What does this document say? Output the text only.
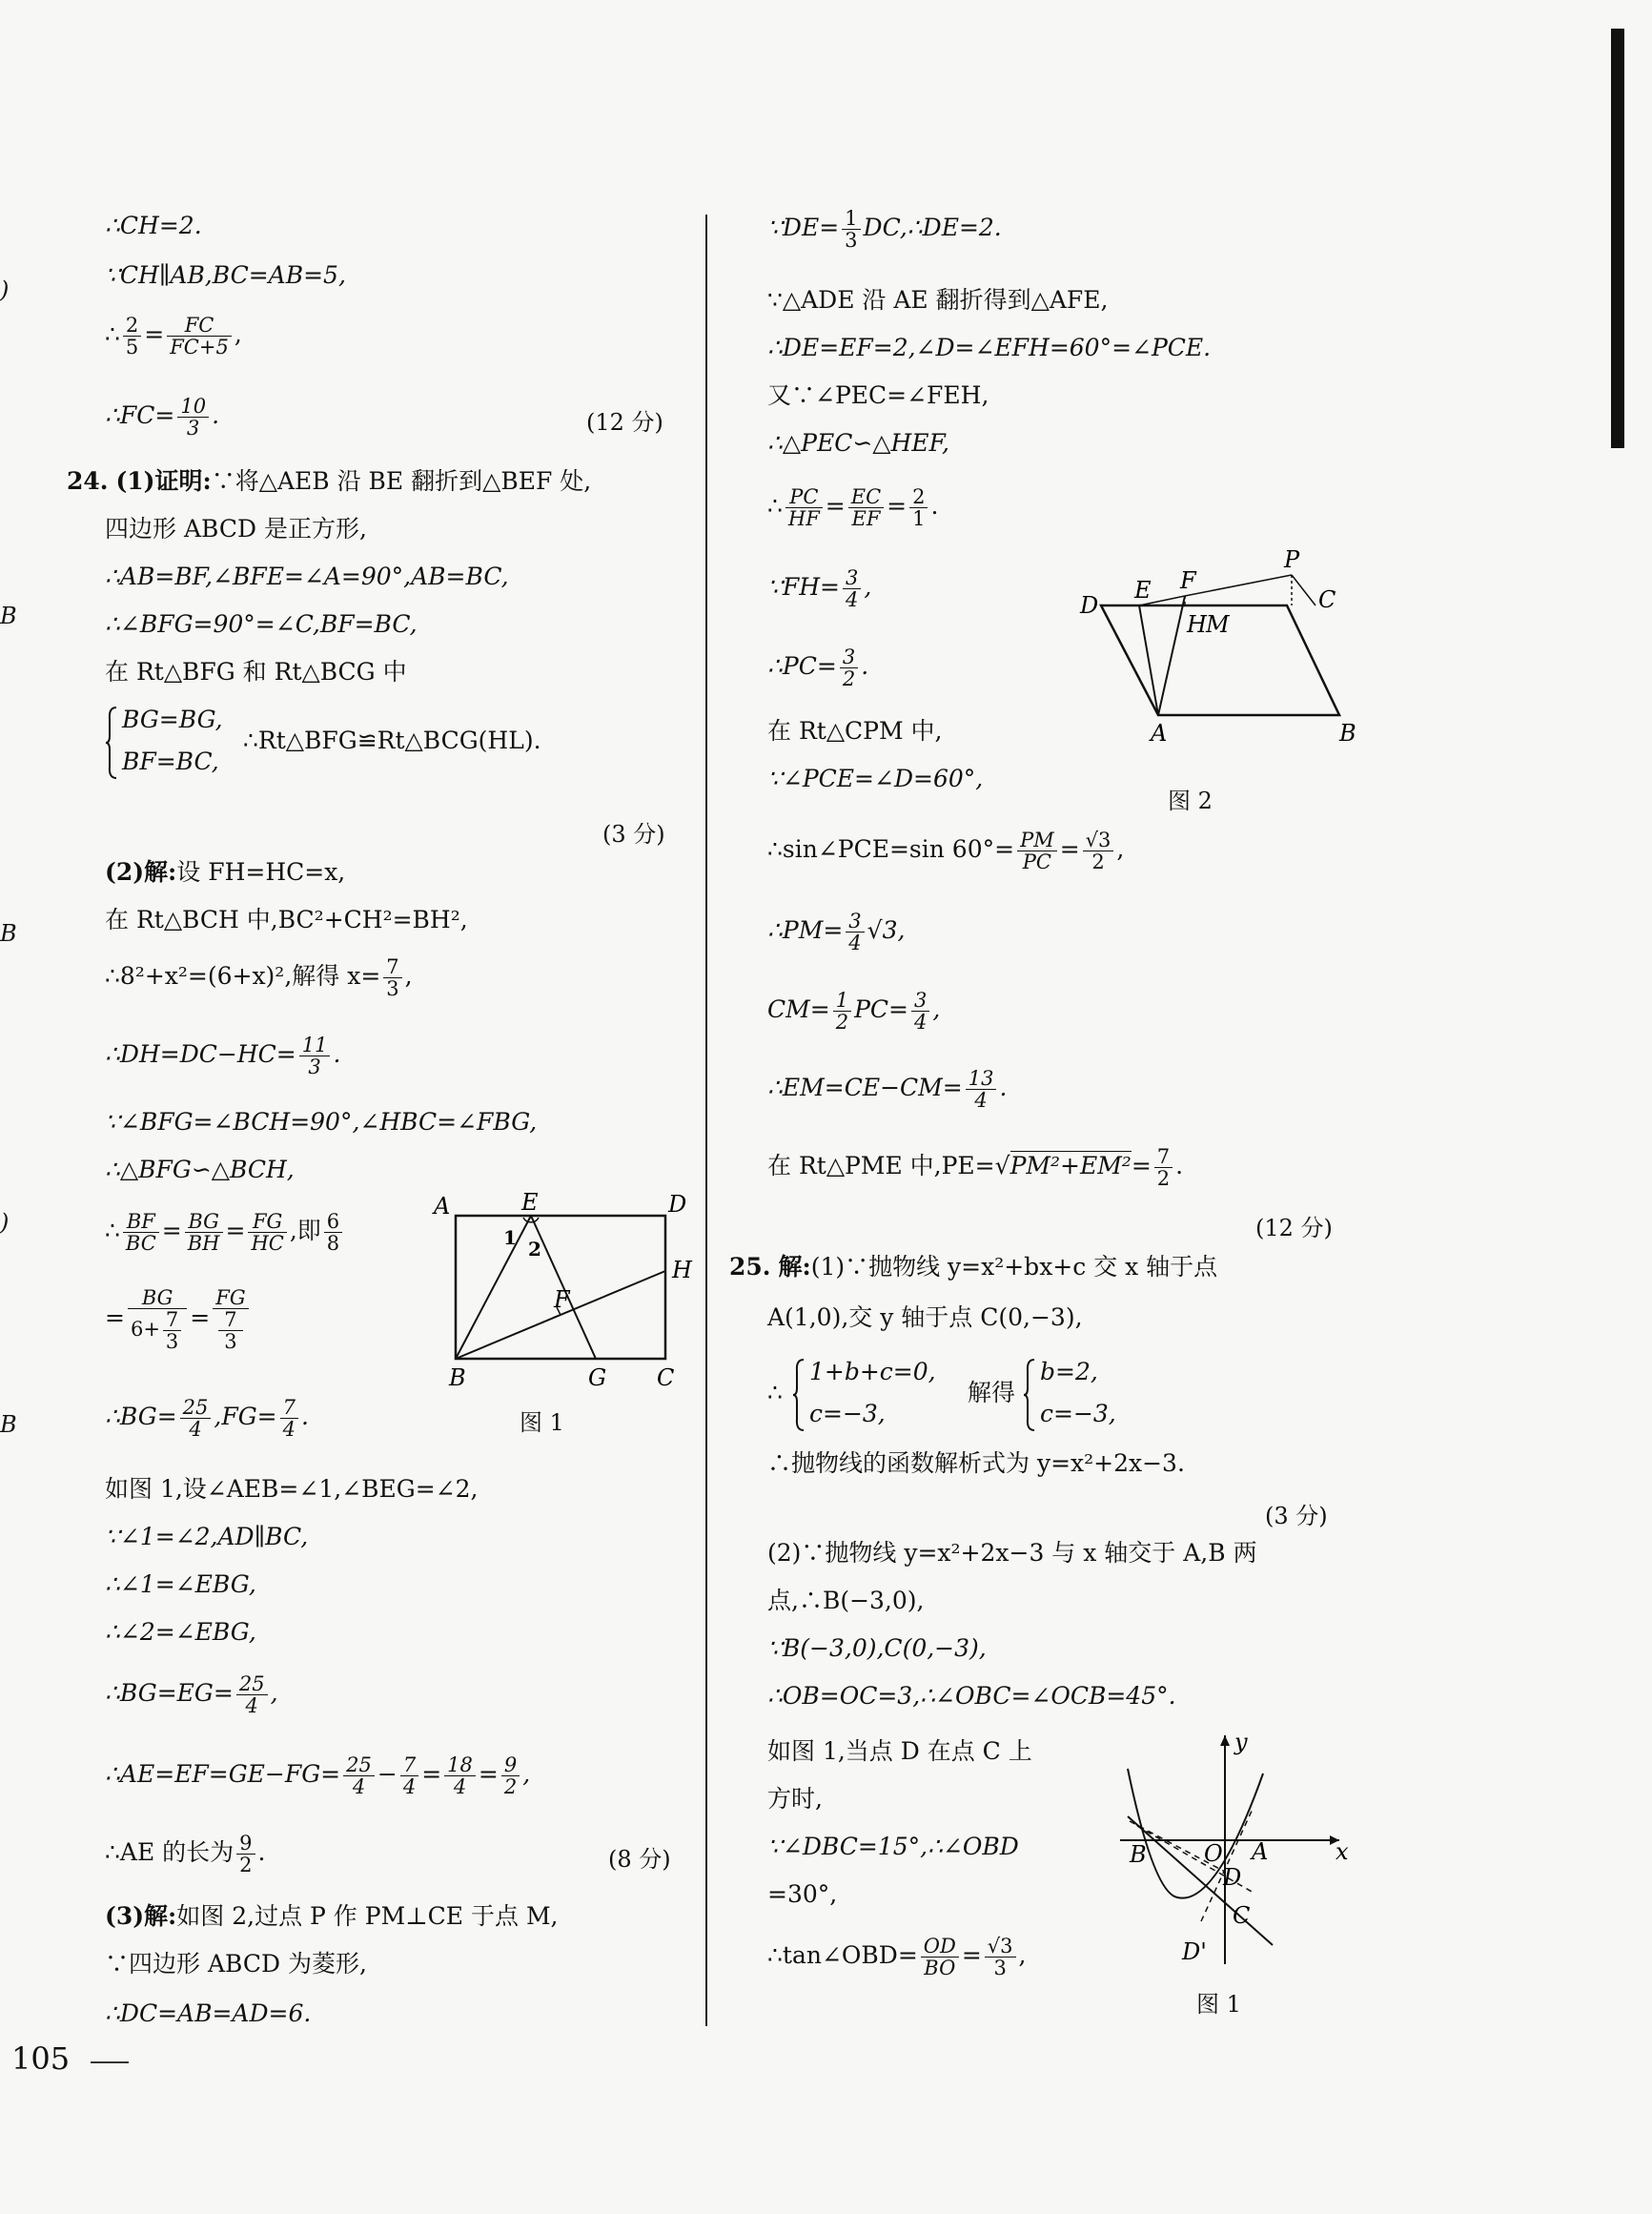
)
B
B
)
B
∴CH=2.
∵CH∥AB,BC=AB=5,
∴ $\frac{2}{5} = \frac{FC}{FC+5}$ ,
∴FC= $\frac{10}{3}$ .	(12 分)
24. (1)证明:∵将△AEB 沿 BE 翻折到△BEF 处,
四边形 ABCD 是正方形,
∴AB=BF,∠BFE=∠A=90°,AB=BC,
∴∠BFG=90°=∠C,BF=BC,
在 Rt△BFG 和 Rt△BCG 中
BG=BG,
BF=BC,
∴Rt△BFG≌Rt△BCG(HL).
(3 分)
(2)解:设 FH=HC=x,
在 Rt△BCH 中,BC²+CH²=BH²,
∴8²+x²=(6+x)²,解得 $x= \frac{7}{3}$ ,
∴DH=DC−HC= $\frac{11}{3}$ .
∵∠BFG=∠BCH=90°,∠HBC=∠FBG,
∴△BFG∽△BCH,
∴ $\frac{BF}{BC} = \frac{BG}{BH} = \frac{FG}{HC}$ ,即 $\frac{6}{8}$
= $\frac{BG}{6+ \frac{7}{3}}$ = FG
7
3
∴BG= $\frac{25}{4} ,FG= \frac{7}{4}$ .
如图 1,设∠AEB=∠1,∠BEG=∠2,
∵∠1=∠2,AD∥BC,
∴∠1=∠EBG,
∴∠2=∠EBG,
∴BG=EG= $\frac{25}{4}$ ,
∴AE=EF=GE−FG= $\frac{25}{4} - \frac{7}{4} = \frac{18}{4} = \frac{9}{2}$ ,
∴AE 的长为 $\frac{9}{2}$ .	(8 分)
(3)解:如图 2,过点 P 作 PM⊥CE 于点 M,
∵四边形 ABCD 为菱形,
∴DC=AB=AD=6.
A	E	D
1 2
F
H
B	G C
图 1
∵DE= $\frac{1}{3}$ DC,∴DE=2.
∵△ADE 沿 AE 翻折得到△AFE,
∴DE=EF=2,∠D=∠EFH=60°=∠PCE.
又∵∠PEC=∠FEH,
∴△PEC∽△HEF,
∴ $\frac{PC}{HF} = \frac{EC}{EF} = \frac{2}{1}$ .
∵FH= $\frac{3}{4}$ ,
∴PC= $\frac{3}{2}$ .
在 Rt△CPM 中,
∵∠PCE=∠D=60°,
∴sin∠PCE=sin $60^\circ= \frac{PM}{PC} = \frac{√3}{2}$ ,
∴PM= $\frac{3}{4} √3$,
$CM= \frac{1}{2} PC= \frac{3}{4}$ ,
∴EM=CE−CM= $\frac{13}{4}$ .
在 Rt△PME 中$,PE=√PM^2+EM^2= \frac{7}{2}$ .
(12 分)
25. 解:(1)∵抛物线 y=x²+bx+c 交 x 轴于点
A(1,0),交 y 轴于点 C(0,−3),
∴
1+b+c=0,
c=−3,
解得
b=2,
c=−3,
∴抛物线的函数解析式为 y=x²+2x−3.
(3 分)
(2)∵抛物线 y=x²+2x−3 与 x 轴交于 A,B 两
点,∴B(−3,0),
∵B(−3,0),C(0,−3),
∴OB=OC=3,∴∠OBC=∠OCB=45°.
如图 1,当点 D 在点 C 上
方时,
∵∠DBC=15°,∴∠OBD
=30°,
∴tan∠OBD= $\frac{OD}{BO} = \frac{√3}{3}$ ,
P
F
E
D	C
H M
A	B
图 2
y
x
B	O A
D
C
D'
图 1
105
